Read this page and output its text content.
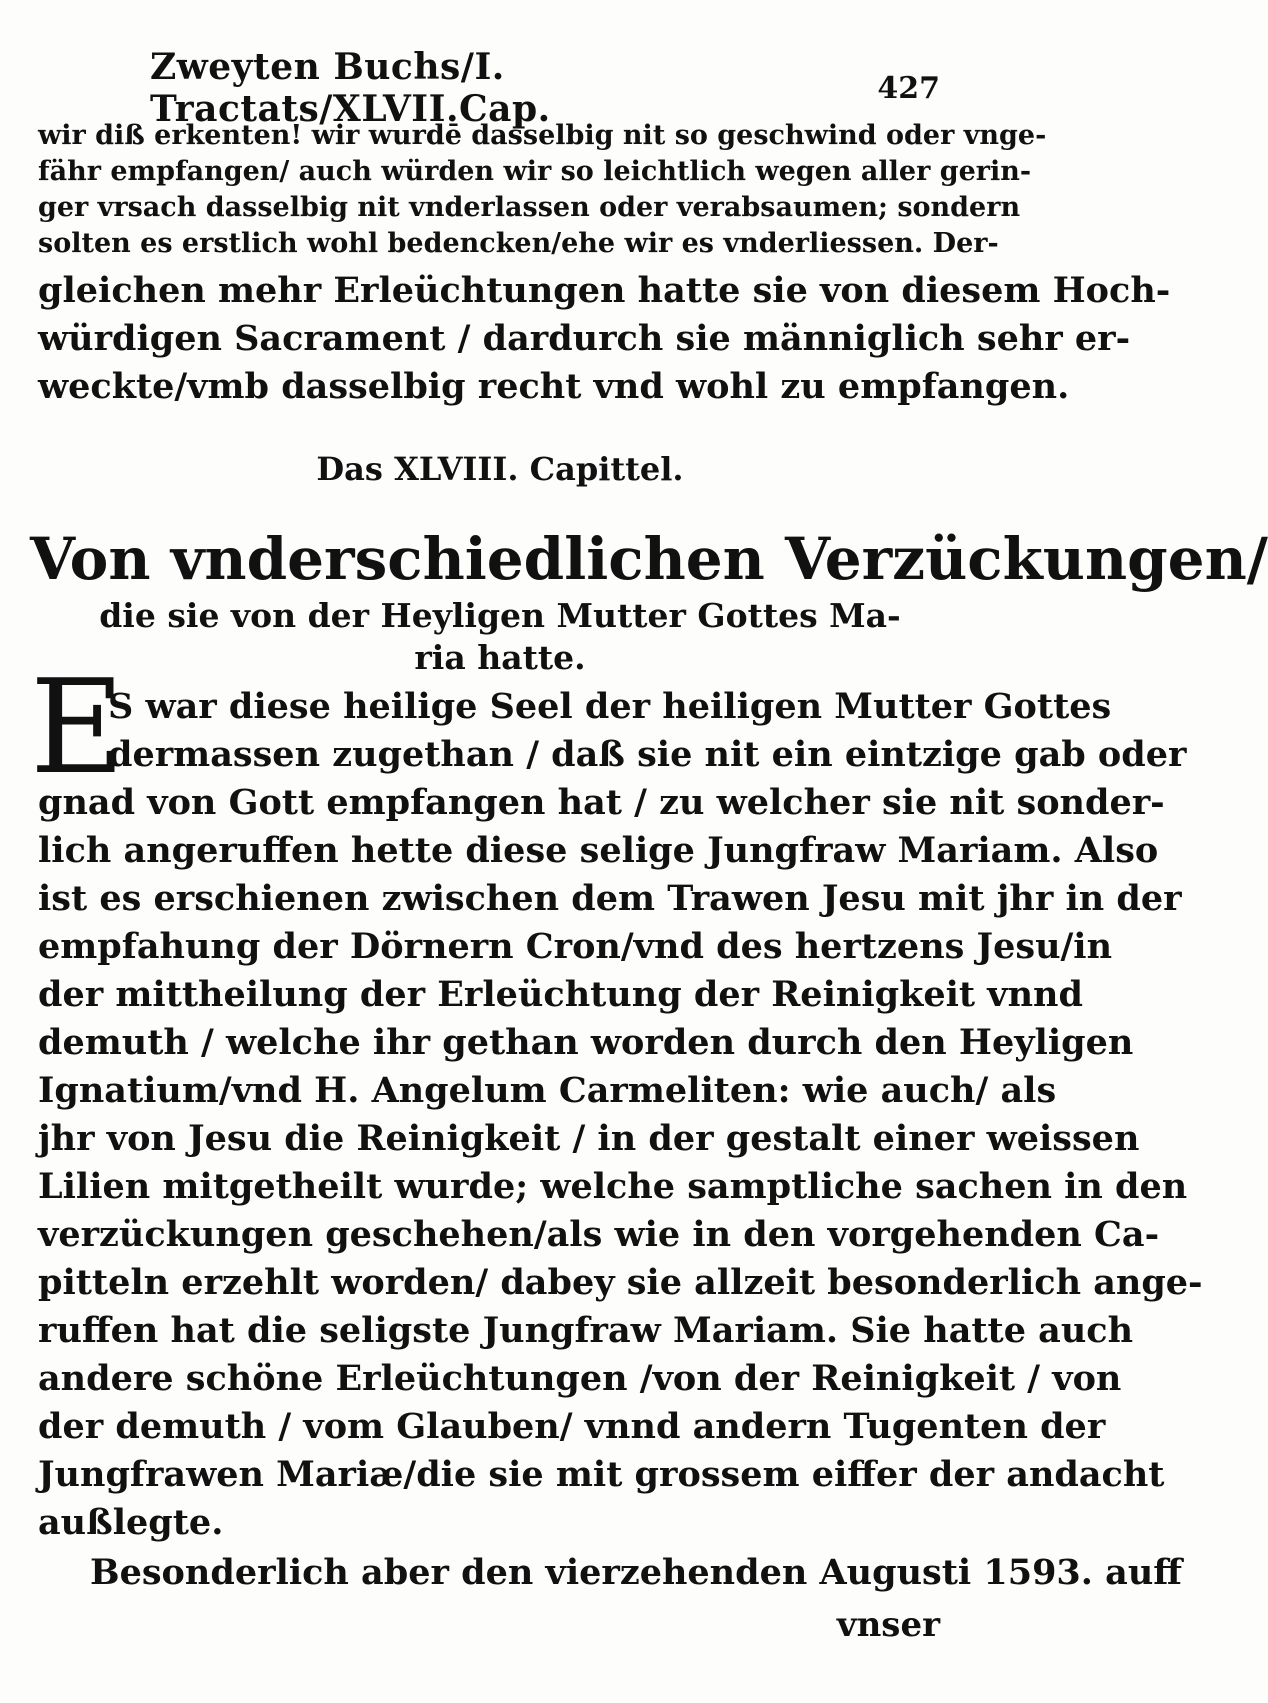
Zweyten Buchs/I. Tractats/XLVII.Cap.	427
wir diß erkenten! wir wurdē dasselbig nit so geschwind oder vnge-
fähr empfangen/ auch würden wir so leichtlich wegen aller gerin-
ger vrsach dasselbig nit vnderlassen oder verabsaumen; sondern
solten es erstlich wohl bedencken/ehe wir es vnderliessen. Der-
gleichen mehr Erleüchtungen hatte sie von diesem Hoch-
würdigen Sacrament / dardurch sie männiglich sehr er-
weckte/vmb dasselbig recht vnd wohl zu empfangen.
Das XLVIII. Capittel.
Von vnderschiedlichen Verzückungen/
die sie von der Heyligen Mutter Gottes Ma-
ria hatte.
E
S war diese heilige Seel der heiligen Mutter Gottes
dermassen zugethan / daß sie nit ein eintzige gab oder
gnad von Gott empfangen hat / zu welcher sie nit sonder-
lich angeruffen hette diese selige Jungfraw Mariam. Also
ist es erschienen zwischen dem Trawen Jesu mit jhr in der
empfahung der Dörnern Cron/vnd des hertzens Jesu/in
der mittheilung der Erleüchtung der Reinigkeit vnnd
demuth / welche ihr gethan worden durch den Heyligen
Ignatium/vnd H. Angelum Carmeliten: wie auch/ als
jhr von Jesu die Reinigkeit / in der gestalt einer weissen
Lilien mitgetheilt wurde; welche samptliche sachen in den
verzückungen geschehen/als wie in den vorgehenden Ca-
pitteln erzehlt worden/ dabey sie allzeit besonderlich ange-
ruffen hat die seligste Jungfraw Mariam. Sie hatte auch
andere schöne Erleüchtungen /von der Reinigkeit / von
der demuth / vom Glauben/ vnnd andern Tugenten der
Jungfrawen Mariæ/die sie mit grossem eiffer der andacht
außlegte.
Besonderlich aber den vierzehenden Augusti 1593. auff
vnser
